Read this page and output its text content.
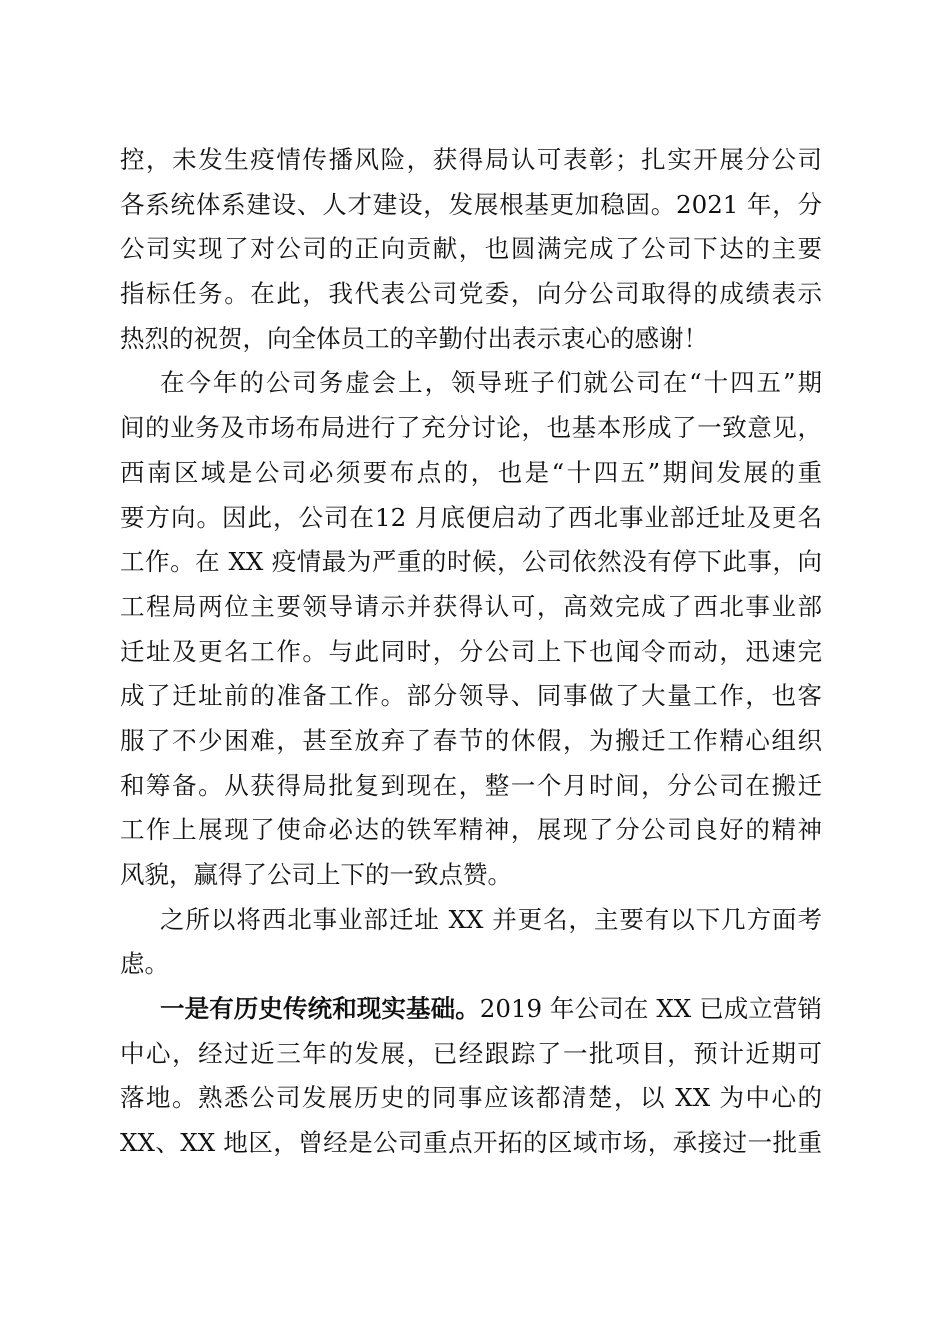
控，未发生疫情传播风险，获得局认可表彰；扎实开展分公司
各系统体系建设、人才建设，发展根基更加稳固。2021 年，分
公司实现了对公司的正向贡献，也圆满完成了公司下达的主要
指标任务。在此，我代表公司党委，向分公司取得的成绩表示
热烈的祝贺，向全体员工的辛勤付出表示衷心的感谢！
在今年的公司务虚会上，领导班子们就公司在“十四五”期
间的业务及市场布局进行了充分讨论，也基本形成了一致意见，
西南区域是公司必须要布点的，也是“十四五”期间发展的重
要方向。因此，公司在12 月底便启动了西北事业部迁址及更名
工作。在 XX 疫情最为严重的时候，公司依然没有停下此事，向
工程局两位主要领导请示并获得认可，高效完成了西北事业部
迁址及更名工作。与此同时，分公司上下也闻令而动，迅速完
成了迁址前的准备工作。部分领导、同事做了大量工作，也客
服了不少困难，甚至放弃了春节的休假，为搬迁工作精心组织
和筹备。从获得局批复到现在，整一个月时间，分公司在搬迁
工作上展现了使命必达的铁军精神，展现了分公司良好的精神
风貌，赢得了公司上下的一致点赞。
之所以将西北事业部迁址 XX 并更名，主要有以下几方面考
虑。
一是有历史传统和现实基础。2019 年公司在 XX 已成立营销
中心，经过近三年的发展，已经跟踪了一批项目，预计近期可
落地。熟悉公司发展历史的同事应该都清楚，以 XX 为中心的
XX、XX 地区，曾经是公司重点开拓的区域市场，承接过一批重
